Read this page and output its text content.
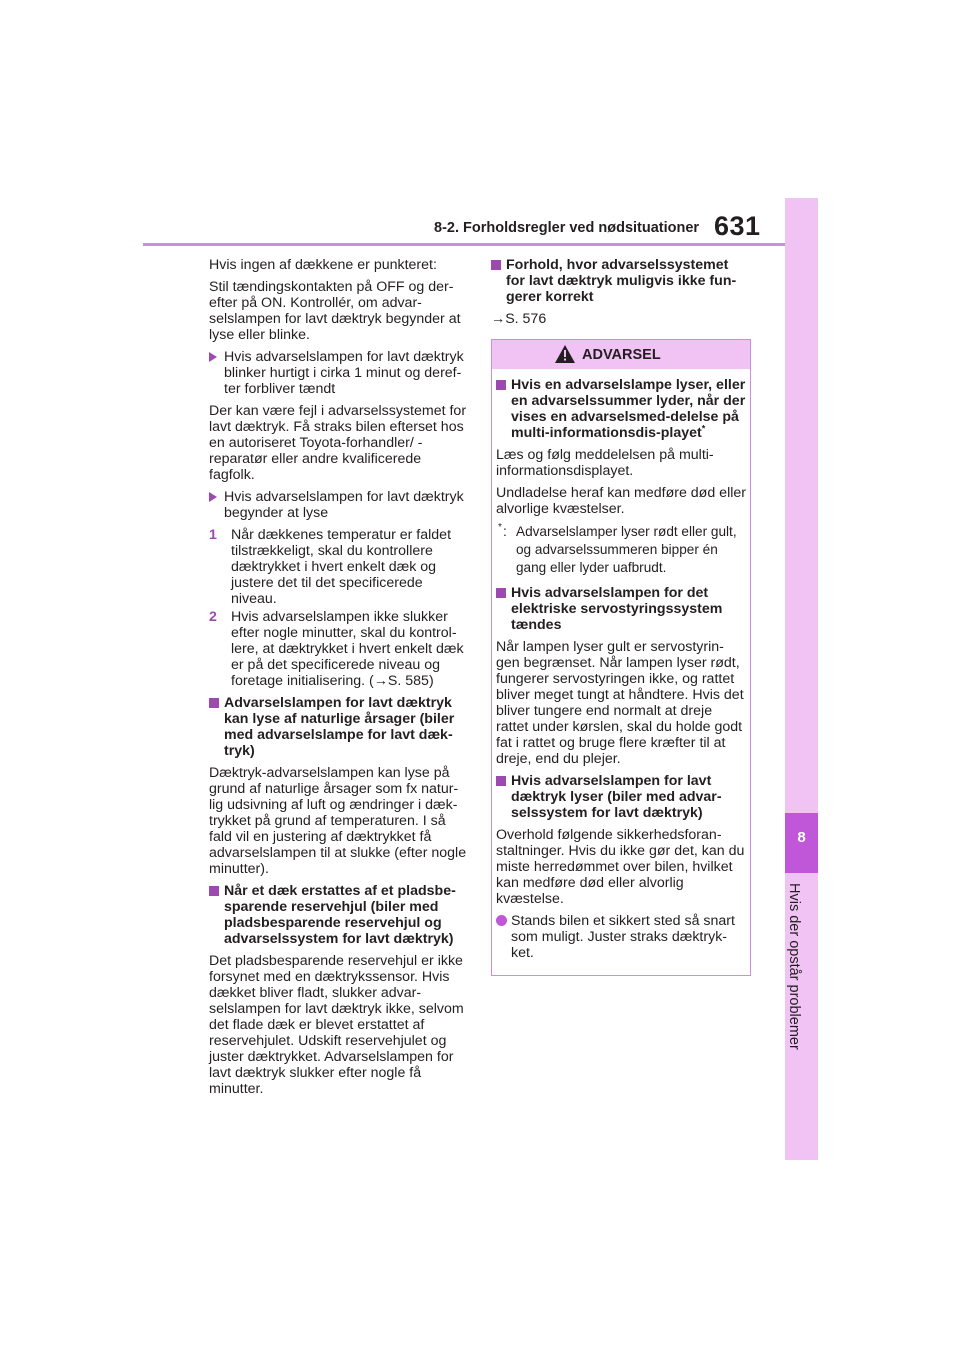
8-2. Forholdsregler ved nødsituationer 631
8
Hvis der opstår problemer

Hvis ingen af dækkene er punkteret:

Stil tændingskontakten på OFF og der-efter på ON. Kontrollér, om advar-selslampen for lavt dæktryk begynder at lyse eller blinke.

Hvis advarselslampen for lavt dæktryk blinker hurtigt i cirka 1 minut og deref-ter forbliver tændt

Der kan være fejl i advarselssystemet for lavt dæktryk. Få straks bilen efterset hos en autoriseret Toyota-forhandler/ -reparatør eller andre kvalificerede fagfolk.

Hvis advarselslampen for lavt dæktryk begynder at lyse
1 Når dækkenes temperatur er faldet tilstrækkeligt, skal du kontrollere dæktrykket i hvert enkelt dæk og justere det til det specificerede niveau.
2 Hvis advarselslampen ikke slukker efter nogle minutter, skal du kontrol-lere, at dæktrykket i hvert enkelt dæk er på det specificerede niveau og foretage initialisering. (→S. 585)
Advarselslampen for lavt dæktryk kan lyse af naturlige årsager (biler med advarselslampe for lavt dæk-tryk)

Dæktryk-advarselslampen kan lyse på grund af naturlige årsager som fx natur-lig udsivning af luft og ændringer i dæk-trykket på grund af temperaturen. I så fald vil en justering af dæktrykket få advarselslampen til at slukke (efter nogle minutter).

Når et dæk erstattes af et pladsbe-sparende reservehjul (biler med pladsbesparende reservehjul og advarselssystem for lavt dæktryk)

Det pladsbesparende reservehjul er ikke forsynet med en dæktrykssensor. Hvis dækket bliver fladt, slukker advar-selslampen for lavt dæktryk ikke, selvom det flade dæk er blevet erstattet af reservehjulet. Udskift reservehjulet og juster dæktrykket. Advarselslampen for lavt dæktryk slukker efter nogle få minutter.

Forhold, hvor advarselssystemet for lavt dæktryk muligvis ikke fun-gerer korrekt

→S. 576

ADVARSEL
Hvis en advarselslampe lyser, eller en advarselssummer lyder, når der vises en advarselsmed-delelse på multi-informationsdis-playet*

Læs og følg meddelelsen på multi-informationsdisplayet.

Undladelse heraf kan medføre død eller alvorlige kvæstelser.

* : Advarselslamper lyser rødt eller gult, og advarselssummeren bipper én gang eller lyder uafbrudt.
Hvis advarselslampen for det elektriske servostyringssystem tændes

Når lampen lyser gult er servostyrin-gen begrænset. Når lampen lyser rødt, fungerer servostyringen ikke, og rattet bliver meget tungt at håndtere. Hvis det bliver tungere end normalt at dreje rattet under kørslen, skal du holde godt fat i rattet og bruge flere kræfter til at dreje, end du plejer.

Hvis advarselslampen for lavt dæktryk lyser (biler med advar-selssystem for lavt dæktryk)

Overhold følgende sikkerhedsforan-staltninger. Hvis du ikke gør det, kan du miste herredømmet over bilen, hvilket kan medføre død eller alvorlig kvæstelse.

Stands bilen et sikkert sted så snart som muligt. Juster straks dæktryk-ket.
